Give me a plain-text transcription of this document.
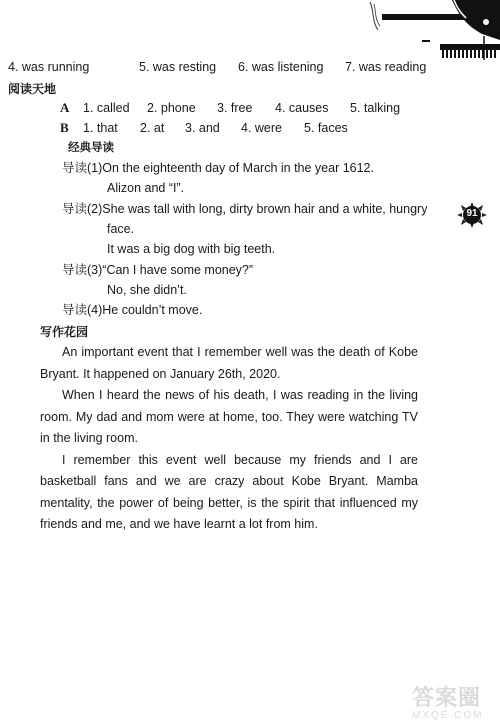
4. was running	5. was resting 6. was listening 7. was reading
阅读天地
A 1. called 2. phone 3. free 4. causes 5. talking
B 1. that 2. at 3. and 4. were 5. faces
经典导读
导读(1)On the eighteenth day of March in the year 1612.
Alizon and “I”.
导读(2)She was tall with long, dirty brown hair and a white, hungry
face.
It was a big dog with big teeth.
导读(3)“Can I have some money?”
No, she didn’t.
导读(4)He couldn’t move.
写作花园

An important event that I remember well was the death of Kobe Bryant. It happened on January 26th, 2020.

When I heard the news of his death, I was reading in the living room. My dad and mom were at home, too. They were watching TV in the living room.

I remember this event well because my friends and I are basketball fans and we are crazy about Kobe Bryant. Mamba mentality, the power of being better, is the spirit that influenced my friends and me, and we have learnt a lot from him.

91
答案圈
MXQE.COM
